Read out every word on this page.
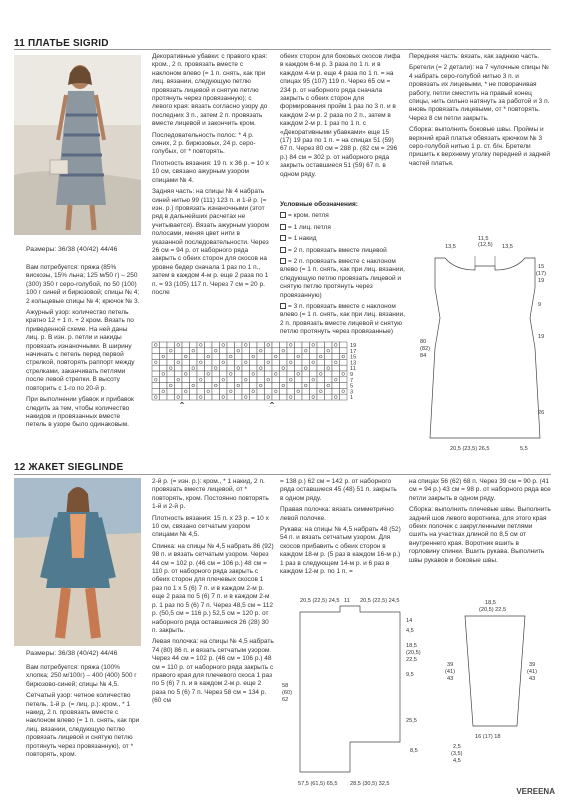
11 ПЛАТЬЕ SIGRID
Размеры: 36/38 (40/42) 44/46

Вам потребуется: пряжа (85% вискозы, 15% льна; 125 м/50 г) – 250 (300) 350 г серо-голубой, по 50 (100) 100 г синей и бирюзовой; спицы № 4; 2 кольцевые спицы № 4; крючок № 3.

Ажурный узор: количество петель кратно 12 + 1 п. + 2 кром. Вязать по приведенной схеме. На ней даны лиц. р. В изн. р. петли и накиды провязать изнаночными. В ширину начинать с петель перед первой стрелкой, повторять раппорт между стрелками, заканчивать петлями после левой стрелки. В высоту повторить с 1-го по 20-й р.

При выполнении убавок и прибавок следить за тем, чтобы количество накидов и провязанных вместе петель в узоре было одинаковым.

Декоративные убавки: с правого края: кром., 2 п. провязать вместе с наклоном влево (= 1 п. снять, как при лиц. вязании, следующую петлю провязать лицевой и снятую петлю протянуть через провязанную); с левого края: вязать согласно узору до последних 3 п., затем 2 п. провязать вместе лицевой и закончить кром.

Последовательность полос: * 4 р. синих, 2 р. бирюзовых, 24 р. серо-голубых, от * повторять.

Плотность вязания: 19 п. х 36 р. = 10 х 10 см, связано ажурным узором спицами № 4.

Задняя часть: на спицы № 4 набрать синей нитью 99 (111) 123 п. и 1-й р. (= изн. р.) провязать изнаночными (этот ряд в дальнейших расчетах не учитывается). Вязать ажурным узором полосами, меняя цвет нити в указанной последовательности. Через 26 см = 94 р. от наборного ряда закрыть с обеих сторон для скосов на уровне бедер сначала 1 раз по 1 п., затем в каждом 4-м р. еще 2 раза по 1 п. = 93 (105) 117 п. Через 7 см = 20 р. после

обеих сторон для боковых скосов лифа в каждом 6-м р. 3 раза по 1 п. и в каждом 4-м р. еще 4 раза по 1 п. = на спицах 95 (107) 119 п. Через 65 см = 234 р. от наборного ряда сначала закрыть с обеих сторон для формирования пройм 1 раз по 3 п. и в каждом 2-м р. 2 раза по 2 п., затем в каждом 2-м р. 1 раз по 1 п. с «Декоративными убавками» еще 15 (17) 19 раз по 1 п. = на спицах 51 (59) 67 п. Через 80 см = 288 р. (82 см = 296 р.) 84 см = 302 р. от наборного ряда закрыть оставшиеся 51 (59) 67 п. в одном ряду.

Условные обозначения:

= кром. петля

= 1 лиц. петля

= 1 накид

= 2 п. провязать вместе лицевой

= 2 п. провязать вместе с наклоном влево (= 1 п. снять, как при лиц. вязании, следующую петлю провязать лицевой и снятую петлю протянуть через провязанную)

= 3 п. провязать вместе с наклоном влево (= 1 п. снять, как при лиц. вязании, 2 п. провязать вместе лицевой и снятую петлю протянуть через провязанные)

Передняя часть: вязать, как заднюю часть.

Бретели (= 2 детали): на 7 чулочные спицы № 4 набрать серо-голубой нитью 3 п. и провязать их лицевыми, * не поворачивая работу, петли сместить на правый конец спицы, нить сильно натянуть за работой и 3 п. вновь провязать лицевыми, от * повторять. Через 8 см петли закрыть.

Сборка: выполнить боковые швы. Проймы и верхний край платья обвязать крючком № 3 серо-голубой нитью 1 р. ст. б/н. Бретели пришить к верхнему уголку передней и задней частей платья.

19
17
15
13
11
9
7
5
3
1
13,5
11,5
(12,5) 13,5
15
(17)
19
9
19
26
80
(82)
84
20,5 (23,5) 26,5	5,5
12 ЖАКЕТ SIEGLINDE
Размеры: 36/38 (40/42) 44/46

Вам потребуется: пряжа (100% хлопка; 250 м/100г) – 400 (400) 500 г бирюзово-синей; спицы № 4,5.

Сетчатый узор: четное количество петель. 1-й р. (= лиц. р.): кром., * 1 накид, 2 п. провязать вместе с наклоном влево (= 1 п. снять, как при лиц. вязании, следующую петлю провязать лицевой и снятую петлю протянуть через провязанную), от * повторять, кром.

2-й р. (= изн. р.): кром., * 1 накид, 2 п. провязать вместе лицевой, от * повторять, кром. Постоянно повторять 1-й и 2-й р.

Плотность вязания: 15 п. х 23 р. = 10 х 10 см, связано сетчатым узором спицами № 4,5.

Спинка: на спицы № 4,5 набрать 86 (92) 98 п. и вязать сетчатым узором. Через 44 см = 102 р. (46 см = 106 р.) 48 см = 110 р. от наборного ряда закрыть с обеих сторон для плечевых скосов 1 раз по 1 х 5 (6) 7 п. и в каждом 2-м р. еще 2 раза по 5 (6) 7 п. и в каждом 2-м р. 1 раз по 5 (6) 7 п. Через 48,5 см = 112 р. (50,5 см = 116 р.) 52,5 см = 120 р. от наборного ряда оставшиеся 26 (28) 30 п. закрыть.

Левая полочка: на спицы № 4,5 набрать 74 (80) 86 п. и вязать сетчатым узором. Через 44 см = 102 р. (46 см = 106 р.) 48 см = 110 р. от наборного ряда закрыть с правого края для плечевого скоса 1 раз по 5 (6) 7 п. и в каждом 2-м р. еще 2 раза по 5 (6) 7 п. Через 58 см = 134 р. (60 см

= 138 р.) 62 см = 142 р. от наборного ряда оставшиеся 45 (48) 51 п. закрыть в одном ряду.

Правая полочка: вязать симметрично левой полочке.

Рукава: на спицы № 4,5 набрать 48 (52) 54 п. и вязать сетчатым узором. Для скосов прибавить с обеих сторон в каждом 18-м р. (5 раз в каждом 16-м р.) 1 раз в следующем 14-м р. и 6 раз в каждом 12-м р. по 1 п. =

на спицах 56 (62) 68 п. Через 39 см = 90 р. (41 см = 94 р.) 43 см = 98 р. от наборного ряда все петли закрыть в одном ряду.

Сборка: выполнить плечевые швы. Выполнить задний шов левого воротника, для этого края обеих полочек с закругленными петлями сшить на участках длиной по 8,5 см от внутреннего края. Воротник вшить в горловину спинки. Вшить рукава. Выполнить швы рукавов и боковые швы.

20,5 (22,5) 24,5 11 20,5 (22,5) 24,5
14
4,5
18,5
(20,5)
22,5
9,5
58
(60)
62
25,5
57,5 (61,5) 65,5 28,5 (30,5) 32,5
8,5
18,5
(20,5) 22,5
39
(41)
43
39
(41)
43
16 (17) 18
2,5
(3,5)
4,5
VEREENA
